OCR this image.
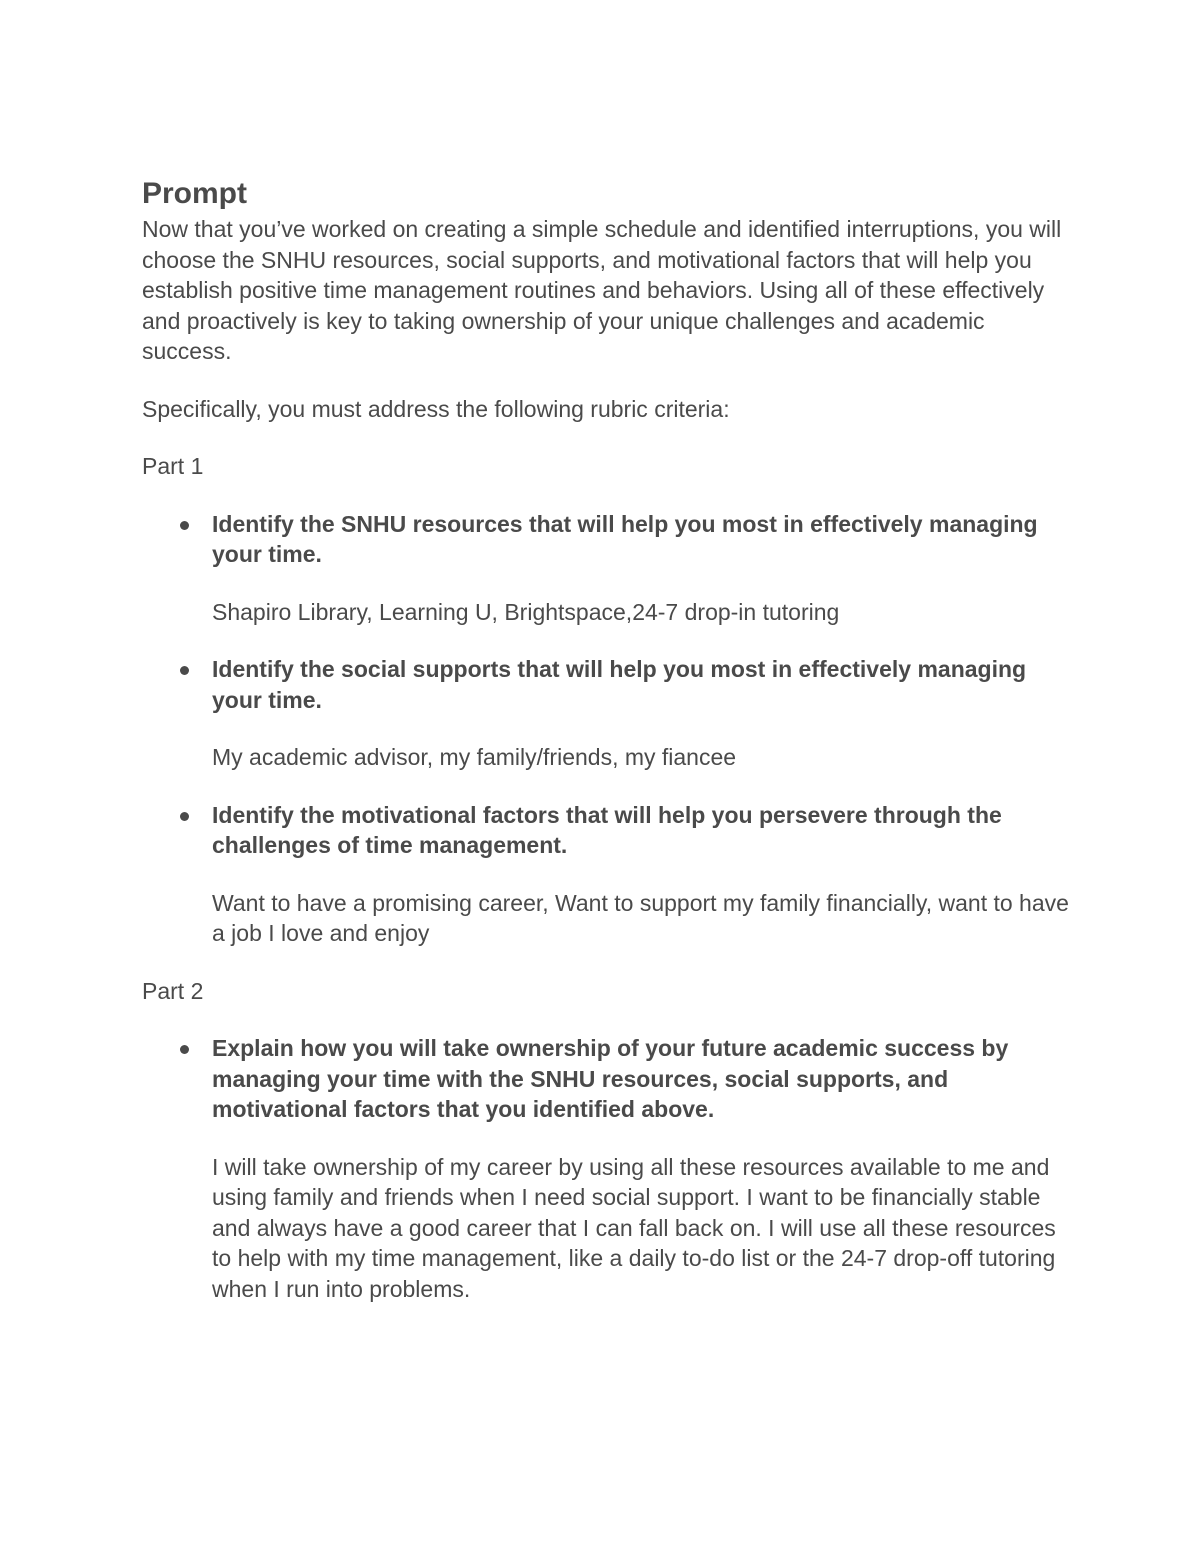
Prompt

Now that you’ve worked on creating a simple schedule and identified interruptions, you will choose the SNHU resources, social supports, and motivational factors that will help you establish positive time management routines and behaviors. Using all of these effectively and proactively is key to taking ownership of your unique challenges and academic success.

Specifically, you must address the following rubric criteria:

Part 1

Identify the SNHU resources that will help you most in effectively managing your time.

Shapiro Library, Learning U, Brightspace,24-7 drop-in tutoring

Identify the social supports that will help you most in effectively managing your time.

My academic advisor, my family/friends, my fiancee

Identify the motivational factors that will help you persevere through the challenges of time management.

Want to have a promising career, Want to support my family financially, want to have a job I love and enjoy

Part 2

Explain how you will take ownership of your future academic success by managing your time with the SNHU resources, social supports, and motivational factors that you identified above.

I will take ownership of my career by using all these resources available to me and using family and friends when I need social support. I want to be financially stable and always have a good career that I can fall back on. I will use all these resources to help with my time management, like a daily to-do list or the 24-7 drop-off tutoring when I run into problems.
